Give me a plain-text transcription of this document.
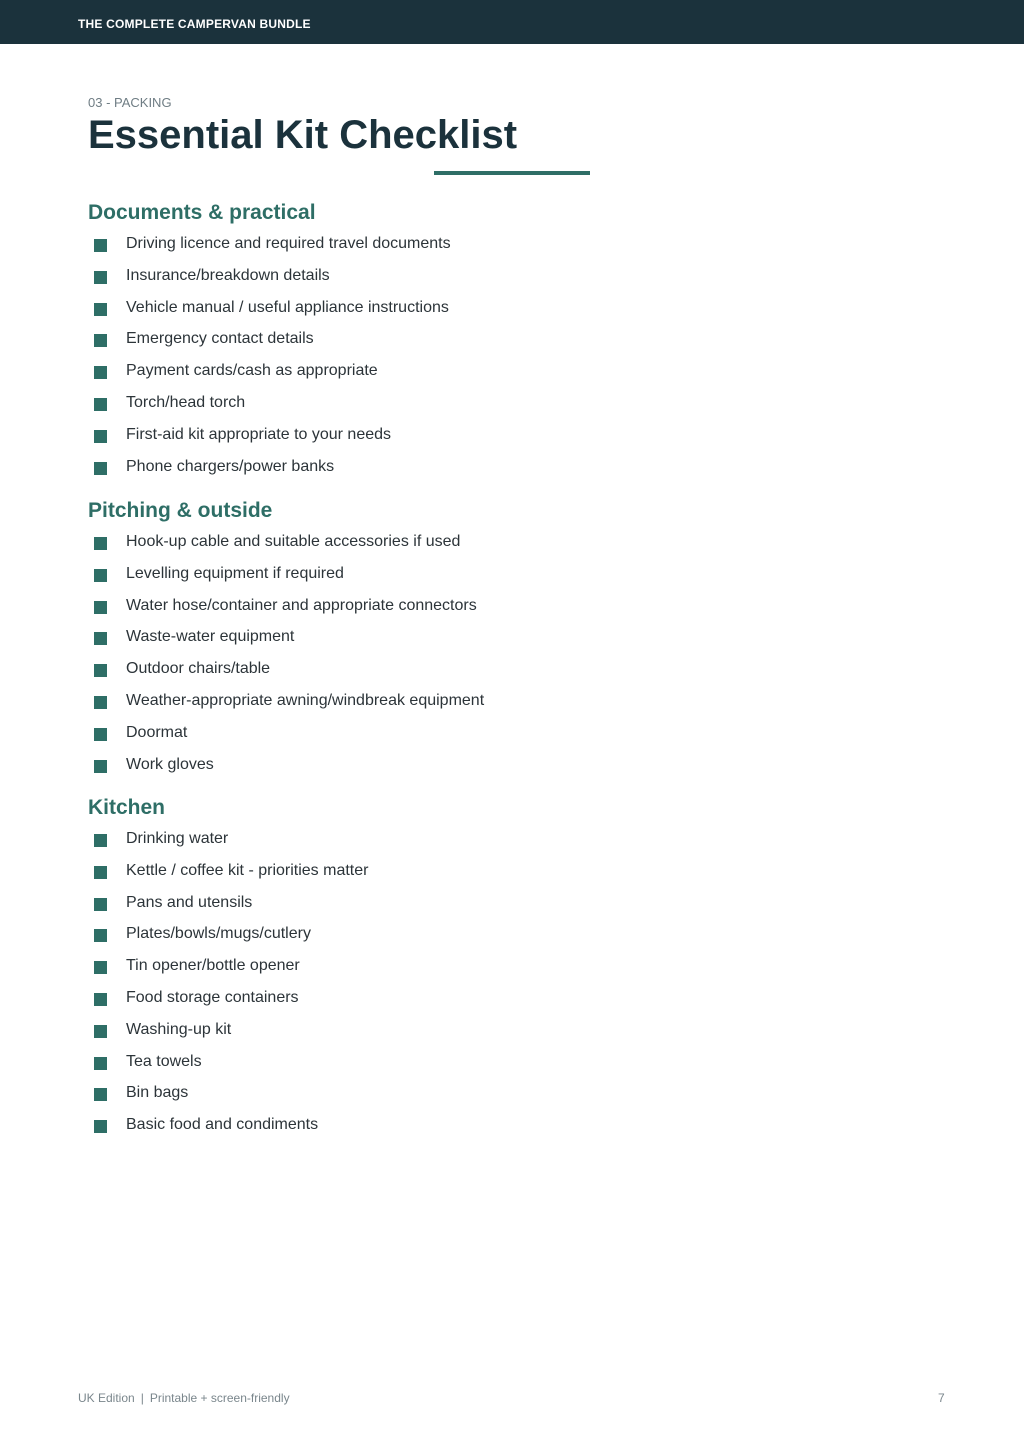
THE COMPLETE CAMPERVAN BUNDLE
03 - PACKING
Essential Kit Checklist
Documents & practical
Driving licence and required travel documents
Insurance/breakdown details
Vehicle manual / useful appliance instructions
Emergency contact details
Payment cards/cash as appropriate
Torch/head torch
First-aid kit appropriate to your needs
Phone chargers/power banks
Pitching & outside
Hook-up cable and suitable accessories if used
Levelling equipment if required
Water hose/container and appropriate connectors
Waste-water equipment
Outdoor chairs/table
Weather-appropriate awning/windbreak equipment
Doormat
Work gloves
Kitchen
Drinking water
Kettle / coffee kit - priorities matter
Pans and utensils
Plates/bowls/mugs/cutlery
Tin opener/bottle opener
Food storage containers
Washing-up kit
Tea towels
Bin bags
Basic food and condiments
UK Edition | Printable + screen-friendly	7
